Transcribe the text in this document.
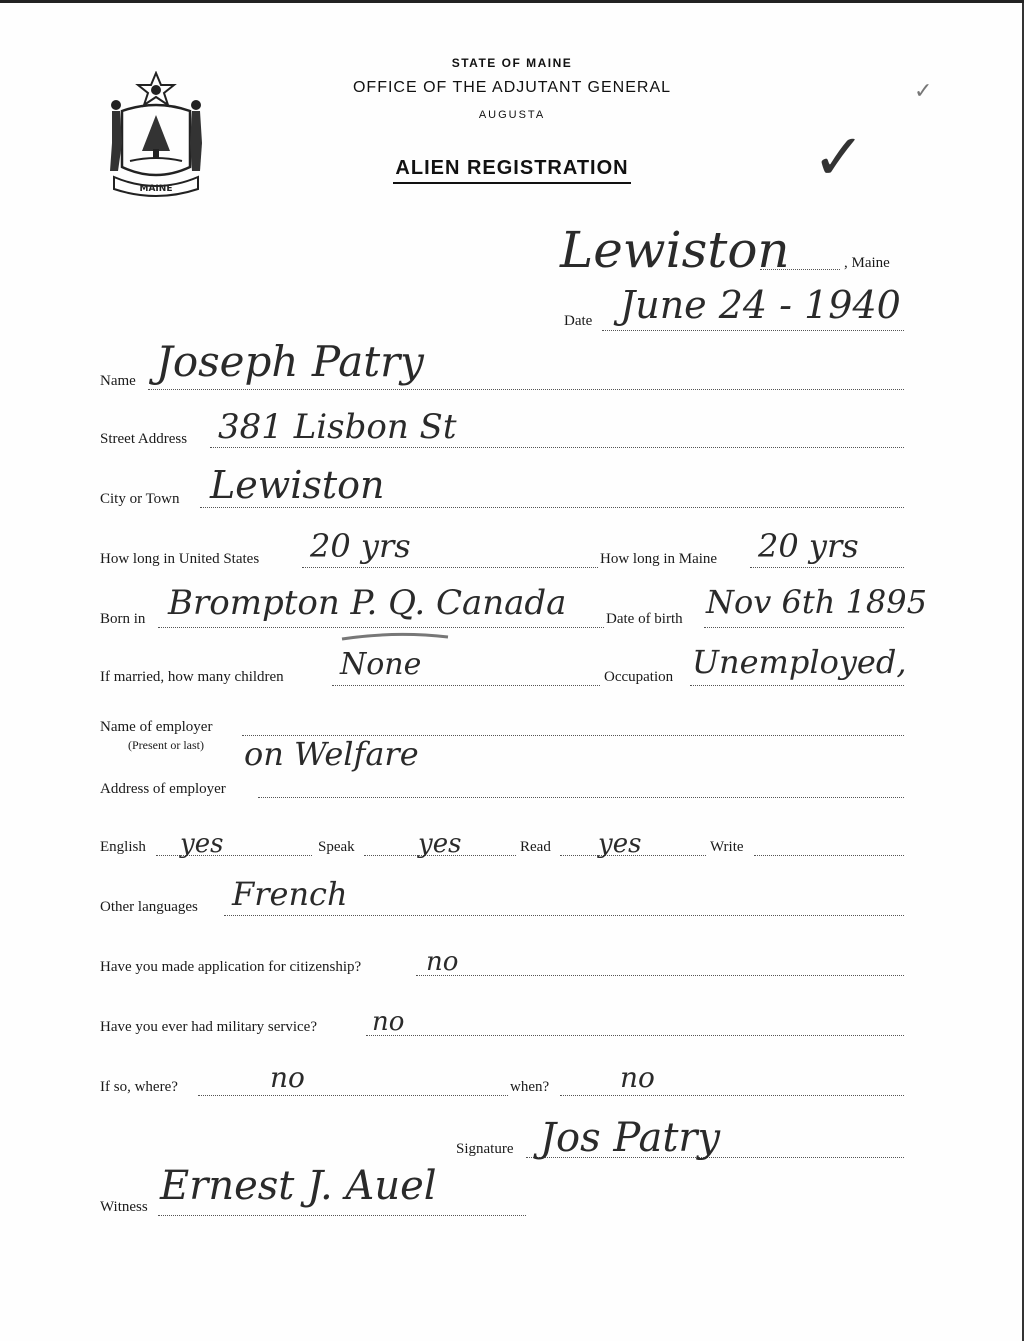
MAINE
STATE OF MAINE
OFFICE OF THE ADJUTANT GENERAL
AUGUSTA
ALIEN REGISTRATION	✓
✓
Lewiston	, Maine
Date June 24 - 1940
Name Joseph Patry
Street Address 381 Lisbon St
City or Town Lewiston
How long in United States 20 yrs	How long in Maine 20 yrs
Born in Brompton P. Q. Canada	Date of birth Nov 6th 1895
If married, how many children None	Occupation Unemployed,
Name of employer
(Present or last) on Welfare
Address of employer
English yes	Speak yes	Read yes	Write
Other languages French
Have you made application for citizenship? no
Have you ever had military service? no
If so, where?	no	when?	no
Signature Jos Patry
Witness Ernest J. Auel
